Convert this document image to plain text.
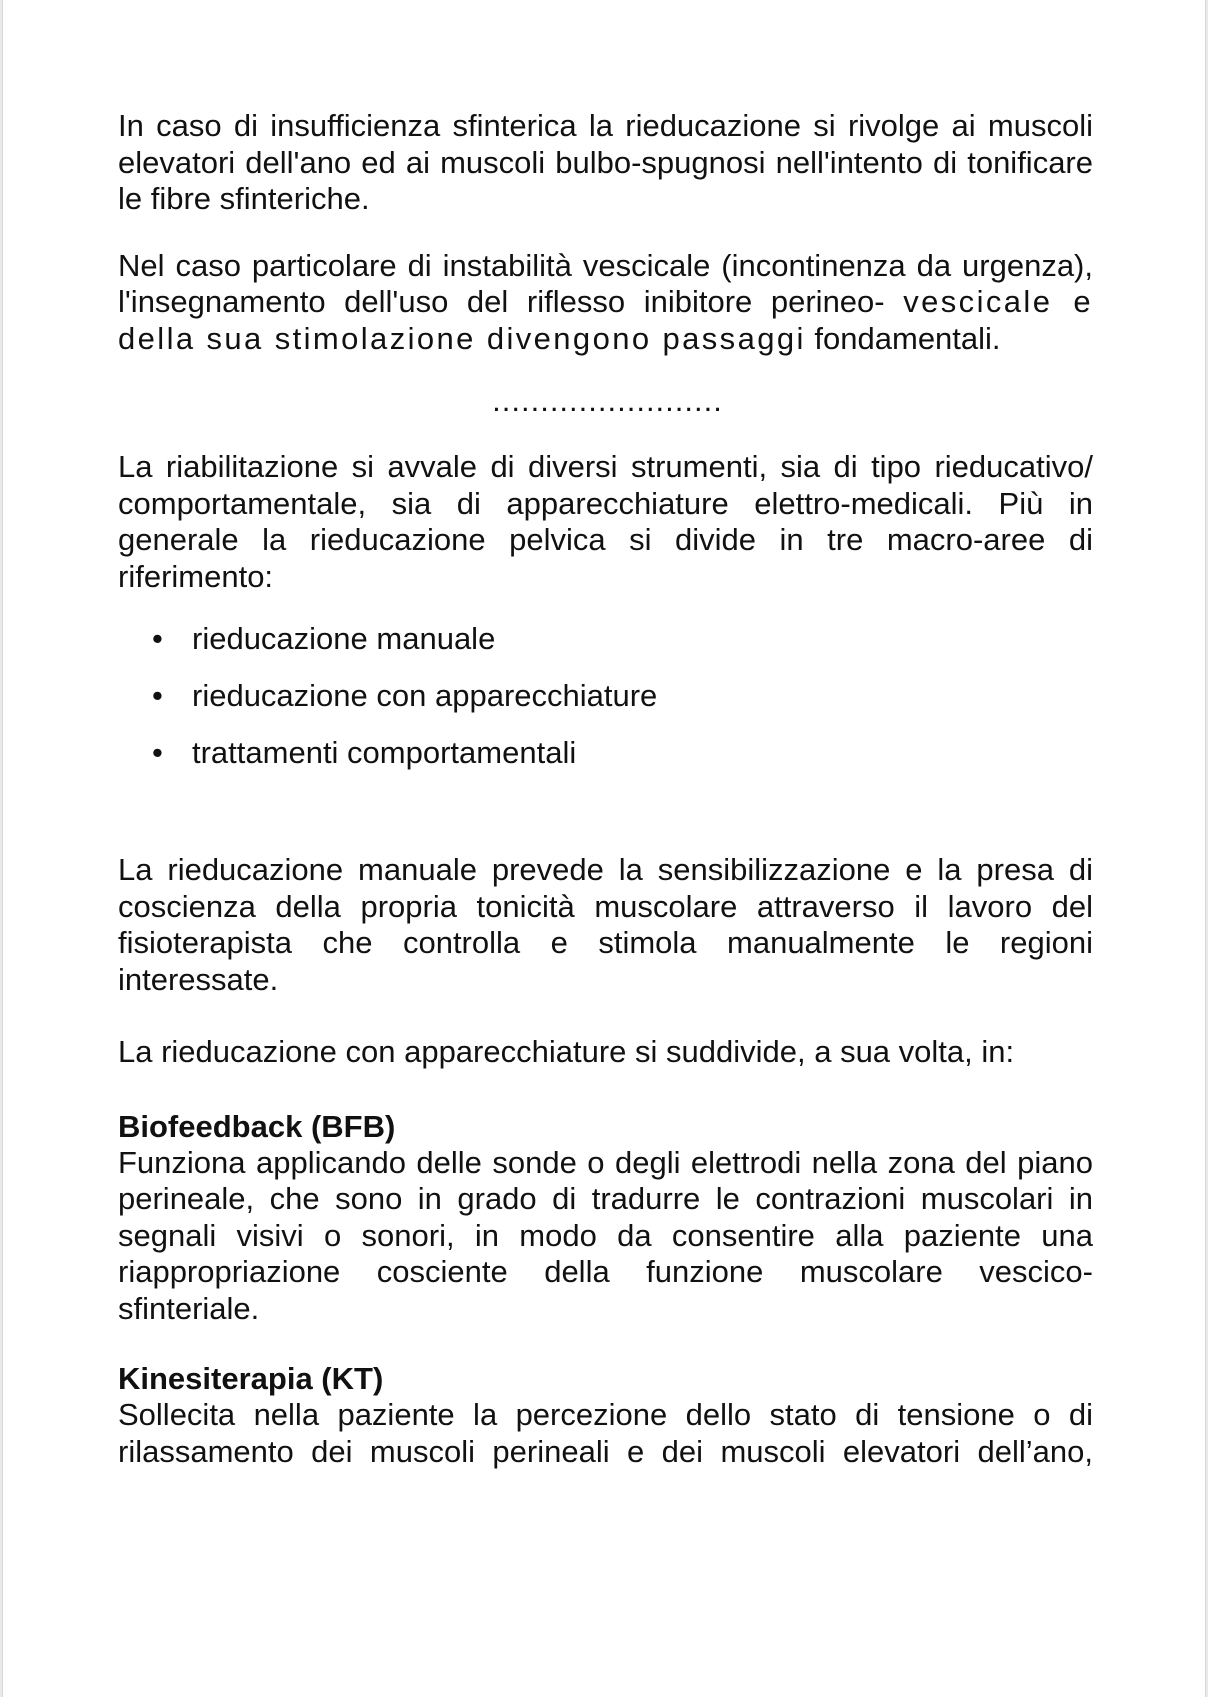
In caso di insufficienza sfinterica la rieducazione si rivolge ai muscoli elevatori dell'ano ed ai muscoli bulbo-spugnosi nell'intento di tonificare le fibre sfinteriche.

Nel caso particolare di instabilità vescicale (incontinenza da urgenza), l'insegnamento dell'uso del riflesso inibitore perineo- vescicale e della sua stimolazione divengono passaggi fondamentali.

........................

La riabilitazione si avvale di diversi strumenti, sia di tipo rieducativo/ comportamentale, sia di apparecchiature elettro-medicali. Più in generale la rieducazione pelvica si divide in tre macro-aree di riferimento:

• rieducazione manuale
• rieducazione con apparecchiature
• trattamenti comportamentali

La rieducazione manuale prevede la sensibilizzazione e la presa di coscienza della propria tonicità muscolare attraverso il lavoro del fisioterapista che controlla e stimola manualmente le regioni interessate.

La rieducazione con apparecchiature si suddivide, a sua volta, in:

Biofeedback (BFB)

Funziona applicando delle sonde o degli elettrodi nella zona del piano perineale, che sono in grado di tradurre le contrazioni muscolari in segnali visivi o sonori, in modo da consentire alla paziente una riappropriazione cosciente della funzione muscolare vescico-sfinteriale.

Kinesiterapia (KT)

Sollecita nella paziente la percezione dello stato di tensione o di rilassamento dei muscoli perineali e dei muscoli elevatori dell’ano,
